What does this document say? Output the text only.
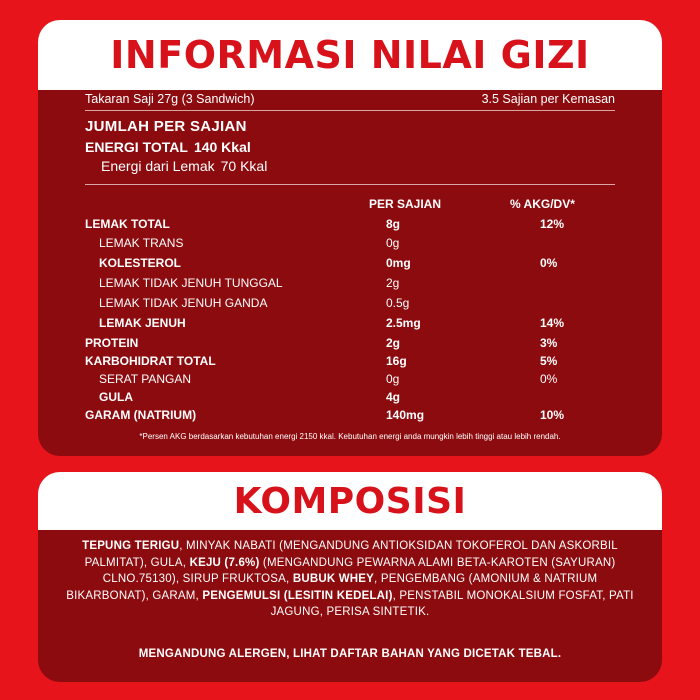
INFORMASI NILAI GIZI
Takaran Saji 27g (3 Sandwich)	3.5 Sajian per Kemasan
JUMLAH PER SAJIAN
ENERGI TOTAL 140 Kkal
Energi dari Lemak 70 Kkal
PER SAJIAN	% AKG/DV*
LEMAK TOTAL	8g	12%
LEMAK TRANS	0g
KOLESTEROL	0mg	0%
LEMAK TIDAK JENUH TUNGGAL	2g
LEMAK TIDAK JENUH GANDA	0.5g
LEMAK JENUH	2.5mg	14%
PROTEIN	2g	3%
KARBOHIDRAT TOTAL	16g	5%
SERAT PANGAN	0g	0%
GULA	4g
GARAM (NATRIUM)	140mg	10%
*Persen AKG berdasarkan kebutuhan energi 2150 kkal. Kebutuhan energi anda mungkin lebih tinggi atau lebih rendah.
KOMPOSISI
TEPUNG TERIGU, MINYAK NABATI (MENGANDUNG ANTIOKSIDAN TOKOFEROL DAN ASKORBIL PALMITAT), GULA, KEJU (7.6%) (MENGANDUNG PEWARNA ALAMI BETA-KAROTEN (SAYURAN) CLNO.75130), SIRUP FRUKTOSA, BUBUK WHEY, PENGEMBANG (AMONIUM & NATRIUM BIKARBONAT), GARAM, PENGEMULSI (LESITIN KEDELAI), PENSTABIL MONOKALSIUM FOSFAT, PATI JAGUNG, PERISA SINTETIK.
MENGANDUNG ALERGEN, LIHAT DAFTAR BAHAN YANG DICETAK TEBAL.
